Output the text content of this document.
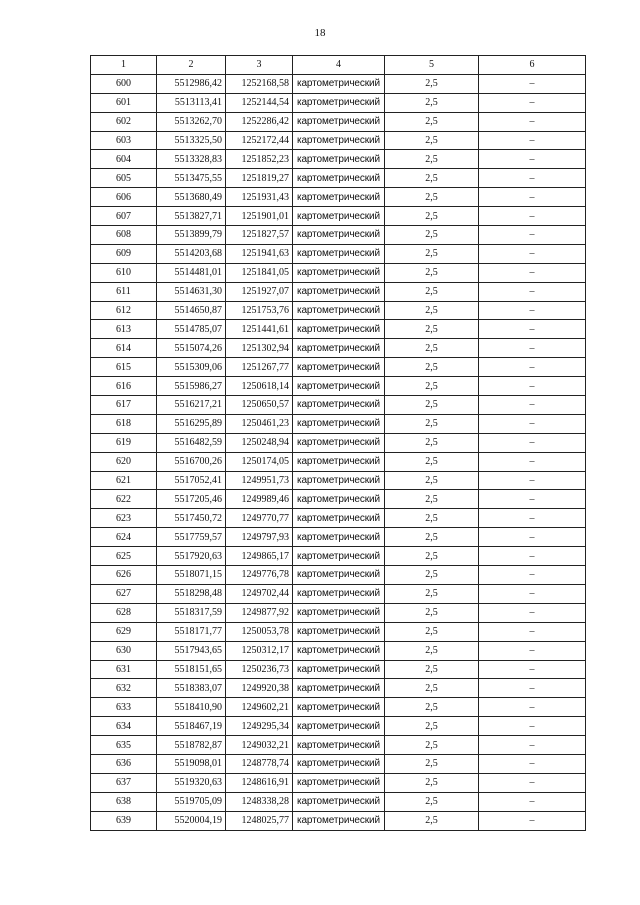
18
1	2	3	4	5	6
600	5512986,42	1252168,58	картометрический	2,5	–
601	5513113,41	1252144,54	картометрический	2,5	–
602	5513262,70	1252286,42	картометрический	2,5	–
603	5513325,50	1252172,44	картометрический	2,5	–
604	5513328,83	1251852,23	картометрический	2,5	–
605	5513475,55	1251819,27	картометрический	2,5	–
606	5513680,49	1251931,43	картометрический	2,5	–
607	5513827,71	1251901,01	картометрический	2,5	–
608	5513899,79	1251827,57	картометрический	2,5	–
609	5514203,68	1251941,63	картометрический	2,5	–
610	5514481,01	1251841,05	картометрический	2,5	–
611	5514631,30	1251927,07	картометрический	2,5	–
612	5514650,87	1251753,76	картометрический	2,5	–
613	5514785,07	1251441,61	картометрический	2,5	–
614	5515074,26	1251302,94	картометрический	2,5	–
615	5515309,06	1251267,77	картометрический	2,5	–
616	5515986,27	1250618,14	картометрический	2,5	–
617	5516217,21	1250650,57	картометрический	2,5	–
618	5516295,89	1250461,23	картометрический	2,5	–
619	5516482,59	1250248,94	картометрический	2,5	–
620	5516700,26	1250174,05	картометрический	2,5	–
621	5517052,41	1249951,73	картометрический	2,5	–
622	5517205,46	1249989,46	картометрический	2,5	–
623	5517450,72	1249770,77	картометрический	2,5	–
624	5517759,57	1249797,93	картометрический	2,5	–
625	5517920,63	1249865,17	картометрический	2,5	–
626	5518071,15	1249776,78	картометрический	2,5	–
627	5518298,48	1249702,44	картометрический	2,5	–
628	5518317,59	1249877,92	картометрический	2,5	–
629	5518171,77	1250053,78	картометрический	2,5	–
630	5517943,65	1250312,17	картометрический	2,5	–
631	5518151,65	1250236,73	картометрический	2,5	–
632	5518383,07	1249920,38	картометрический	2,5	–
633	5518410,90	1249602,21	картометрический	2,5	–
634	5518467,19	1249295,34	картометрический	2,5	–
635	5518782,87	1249032,21	картометрический	2,5	–
636	5519098,01	1248778,74	картометрический	2,5	–
637	5519320,63	1248616,91	картометрический	2,5	–
638	5519705,09	1248338,28	картометрический	2,5	–
639	5520004,19	1248025,77	картометрический	2,5	–
